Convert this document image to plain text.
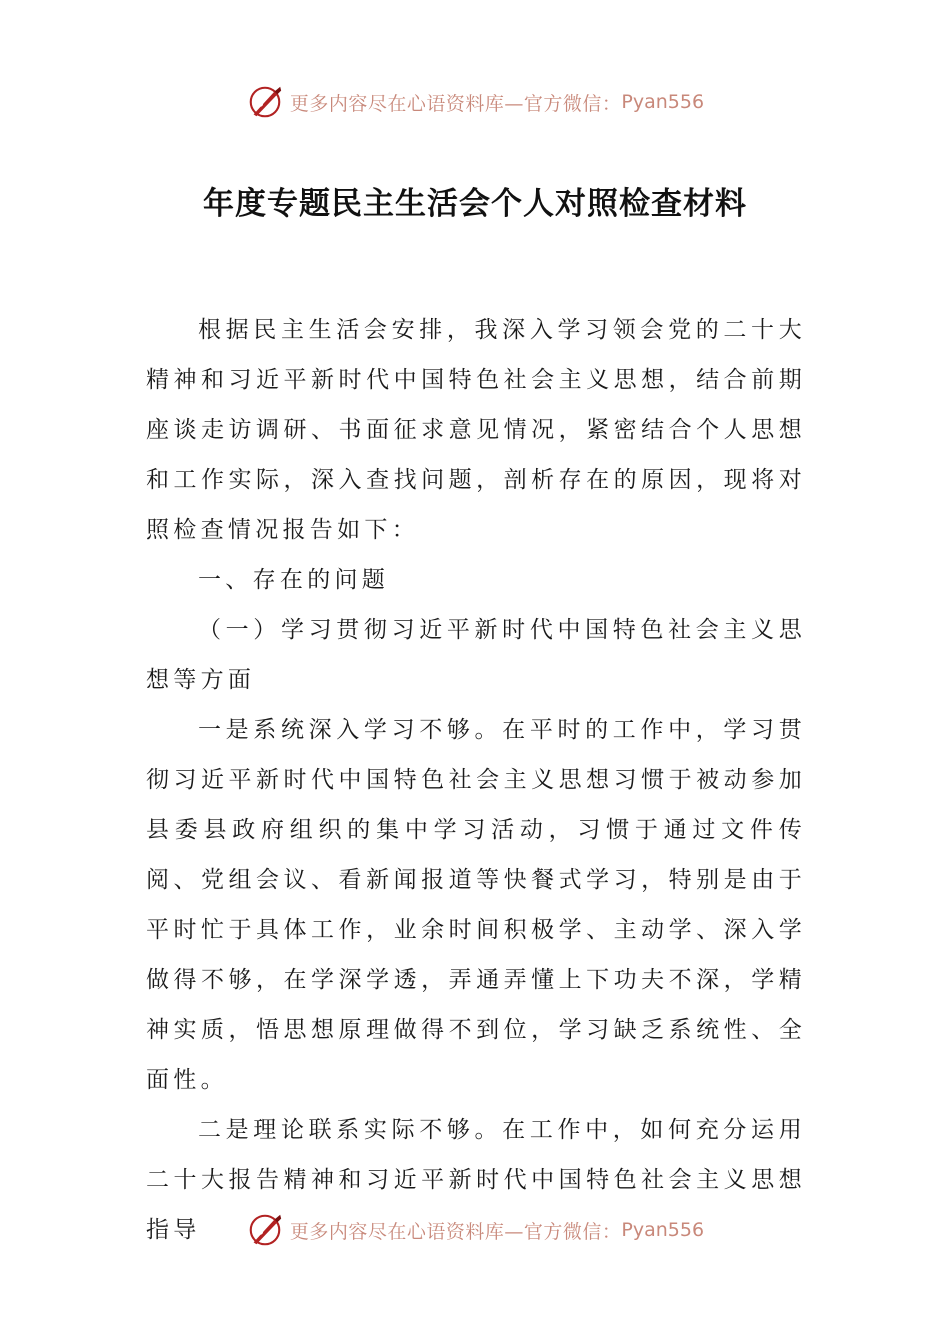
更多内容尽在心语资料库—官方微信： Pyan556
年度专题民主生活会个人对照检查材料

根据民主生活会安排，我深入学习领会党的二十大精神和习近平新时代中国特色社会主义思想，结合前期座谈走访调研、书面征求意见情况，紧密结合个人思想和工作实际，深入查找问题，剖析存在的原因，现将对照检查情况报告如下：

一、存在的问题

（一）学习贯彻习近平新时代中国特色社会主义思想等方面

一是系统深入学习不够。在平时的工作中，学习贯彻习近平新时代中国特色社会主义思想习惯于被动参加县委县政府组织的集中学习活动，习惯于通过文件传阅、党组会议、看新闻报道等快餐式学习，特别是由于平时忙于具体工作，业余时间积极学、主动学、深入学做得不够，在学深学透，弄通弄懂上下功夫不深，学精神实质，悟思想原理做得不到位，学习缺乏系统性、全面性。

二是理论联系实际不够。在工作中，如何充分运用二十大报告精神和习近平新时代中国特色社会主义思想指导	更多内容尽在心语资料库—官方微信： Pyan556
